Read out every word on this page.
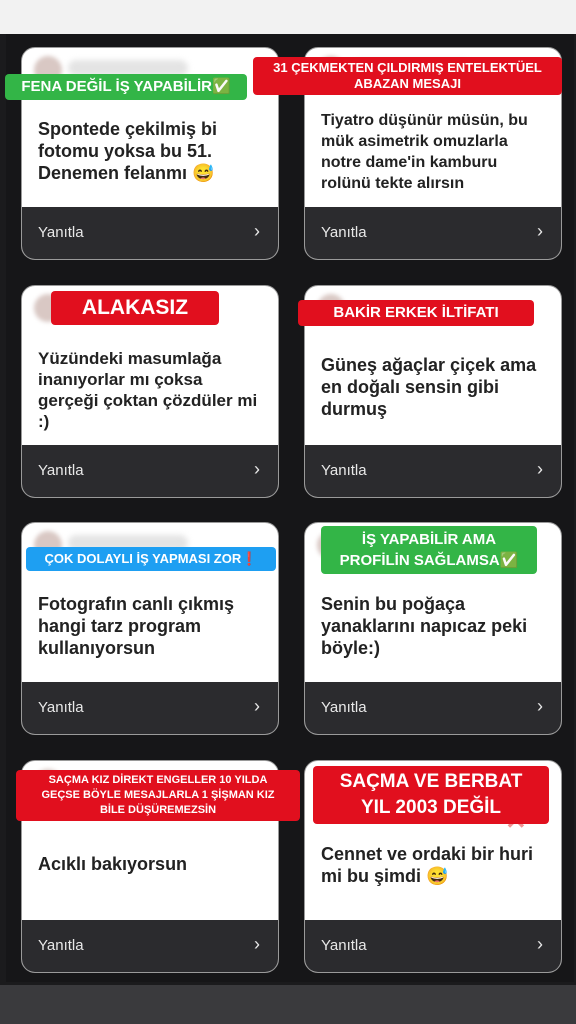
Spontede çekilmiş bi fotomu yoksa bu 51. Denemen felanmı 😅
Yanıtla	›
Tiyatro düşünür müsün, bu mük asimetrik omuzlarla notre dame'in kamburu rolünü tekte alırsın
Yanıtla	›
Yüzündeki masumlağa inanıyorlar mı çoksa gerçeği çoktan çözdüler mi :)
Yanıtla	›
Güneş ağaçlar çiçek ama en doğalı sensin gibi durmuş
Yanıtla	›
Fotografın canlı çıkmış hangi tarz program kullanıyorsun
Yanıtla	›
Senin bu poğaça yanaklarını napıcaz peki böyle:)
Yanıtla	›
Acıklı bakıyorsun
Yanıtla	›
Cennet ve ordaki bir huri mi bu şimdi 😅
Yanıtla	›
FENA DEĞİL İŞ YAPABİLİR✅
31 ÇEKMEKTEN ÇILDIRMIŞ ENTELEKTÜEL
ABAZAN MESAJI
ALAKASIZ	BAKİR ERKEK İLTİFATI
ÇOK DOLAYLI İŞ YAPMASI ZOR❗
İŞ YAPABİLİR AMA
PROFİLİN SAĞLAMSA✅
SAÇMA KIZ DİREKT ENGELLER 10 YILDA
GEÇSE BÖYLE MESAJLARLA 1 ŞİŞMAN KIZ
BİLE DÜŞÜREMEZSİN
SAÇMA VE BERBAT
YIL 2003 DEĞİL
